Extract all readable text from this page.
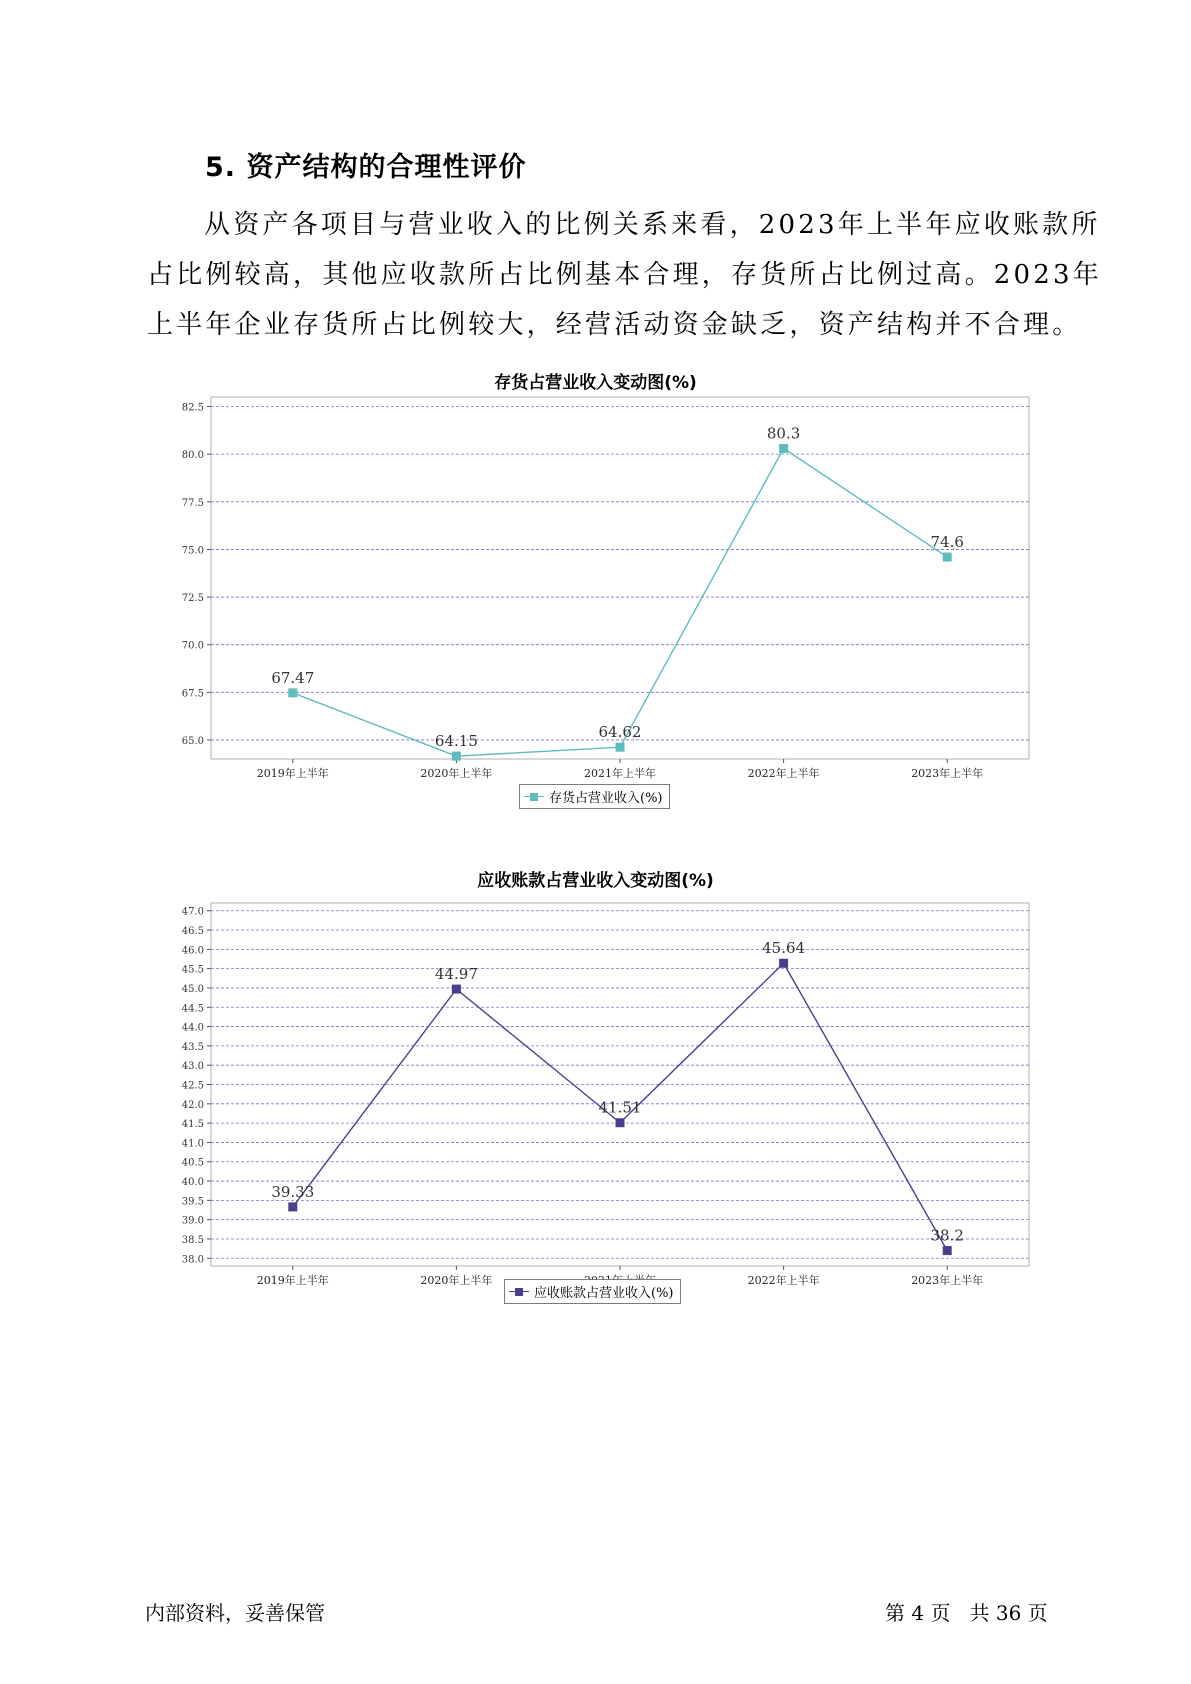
5. 资产结构的合理性评价

从资产各项目与营业收入的比例关系来看，2023年上半年应收账款所
占比例较高，其他应收款所占比例基本合理，存货所占比例过高。2023年
上半年企业存货所占比例较大，经营活动资金缺乏，资产结构并不合理。

存货占营业收入变动图(%)

82.5
80.0
77.5
75.0
72.5
70.0
67.5
65.0
2019年上半年	2020年上半年	2021年上半年	2022年上半年	2023年上半年
67.47
64.15	64.62
80.3
74.6
存货占营业收入(%)

应收账款占营业收入变动图(%)

47.0
46.5
46.0
45.5
45.0
44.5
44.0
43.5
43.0
42.5
42.0
41.5
41.0
40.5
40.0
39.5
39.0
38.5
38.0
2019年上半年	2020年上半年	2022年上半年	2023年上半年
39.33
44.97
41.51
45.64
38.2
应收账款占营业收入(%)

内部资料，妥善保管	第 4 页   共 36 页
